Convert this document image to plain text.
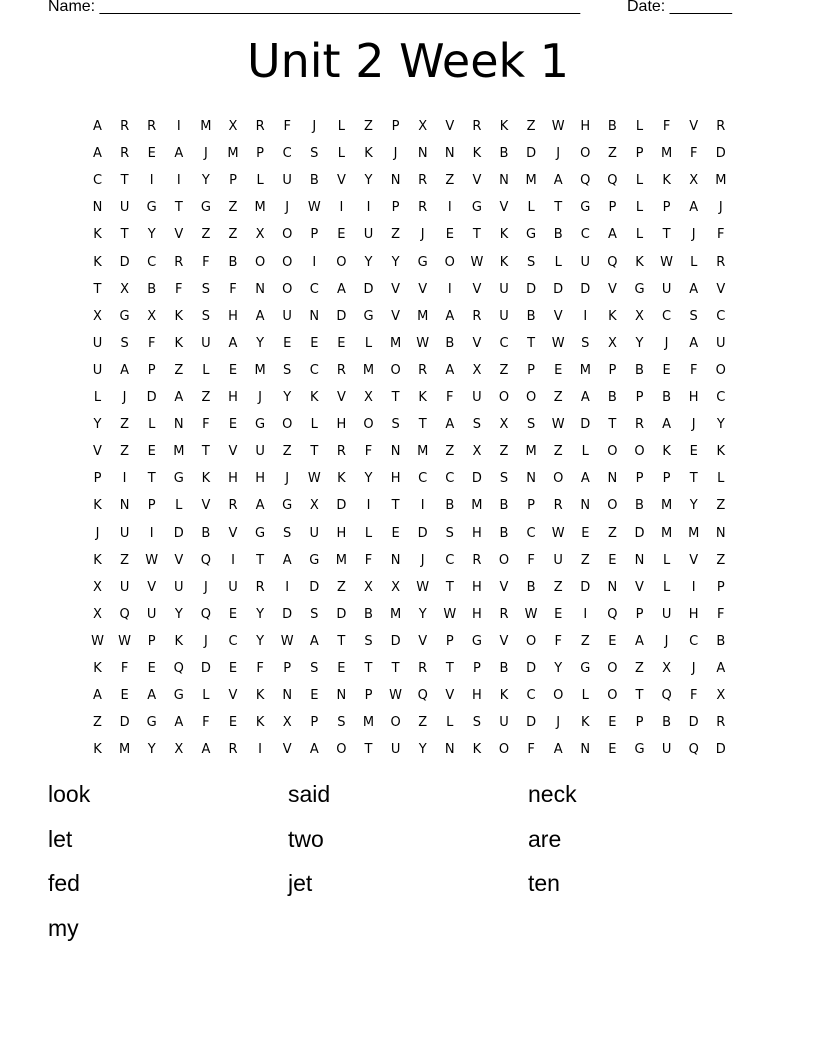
Name: ______________________________________________________	Date: _______
Unit 2 Week 1
A	R	R	I	M	X	R	F	J	L	Z	P	X	V	R	K	Z	W	H	B	L	F	V	R
A	R	E	A	J	M	P	C	S	L	K	J	N	N	K	B	D	J	O	Z	P	M	F	D
C	T	I	I	Y	P	L	U	B	V	Y	N	R	Z	V	N	M	A	Q	Q	L	K	X	M
N	U	G	T	G	Z	M	J	W	I	I	P	R	I	G	V	L	T	G	P	L	P	A	J
K	T	Y	V	Z	Z	X	O	P	E	U	Z	J	E	T	K	G	B	C	A	L	T	J	F
K	D	C	R	F	B	O	O	I	O	Y	Y	G	O	W	K	S	L	U	Q	K	W	L	R
T	X	B	F	S	F	N	O	C	A	D	V	V	I	V	U	D	D	D	V	G	U	A	V
X	G	X	K	S	H	A	U	N	D	G	V	M	A	R	U	B	V	I	K	X	C	S	C
U	S	F	K	U	A	Y	E	E	E	L	M	W	B	V	C	T	W	S	X	Y	J	A	U
U	A	P	Z	L	E	M	S	C	R	M	O	R	A	X	Z	P	E	M	P	B	E	F	O
L	J	D	A	Z	H	J	Y	K	V	X	T	K	F	U	O	O	Z	A	B	P	B	H	C
Y	Z	L	N	F	E	G	O	L	H	O	S	T	A	S	X	S	W	D	T	R	A	J	Y
V	Z	E	M	T	V	U	Z	T	R	F	N	M	Z	X	Z	M	Z	L	O	O	K	E	K
P	I	T	G	K	H	H	J	W	K	Y	H	C	C	D	S	N	O	A	N	P	P	T	L
K	N	P	L	V	R	A	G	X	D	I	T	I	B	M	B	P	R	N	O	B	M	Y	Z
J	U	I	D	B	V	G	S	U	H	L	E	D	S	H	B	C	W	E	Z	D	M	M	N
K	Z	W	V	Q	I	T	A	G	M	F	N	J	C	R	O	F	U	Z	E	N	L	V	Z
X	U	V	U	J	U	R	I	D	Z	X	X	W	T	H	V	B	Z	D	N	V	L	I	P
X	Q	U	Y	Q	E	Y	D	S	D	B	M	Y	W	H	R	W	E	I	Q	P	U	H	F
W	W	P	K	J	C	Y	W	A	T	S	D	V	P	G	V	O	F	Z	E	A	J	C	B
K	F	E	Q	D	E	F	P	S	E	T	T	R	T	P	B	D	Y	G	O	Z	X	J	A
A	E	A	G	L	V	K	N	E	N	P	W	Q	V	H	K	C	O	L	O	T	Q	F	X
Z	D	G	A	F	E	K	X	P	S	M	O	Z	L	S	U	D	J	K	E	P	B	D	R
K	M	Y	X	A	R	I	V	A	O	T	U	Y	N	K	O	F	A	N	E	G	U	Q	D
look	said	neck
let	two	are
fed	jet	ten
my
